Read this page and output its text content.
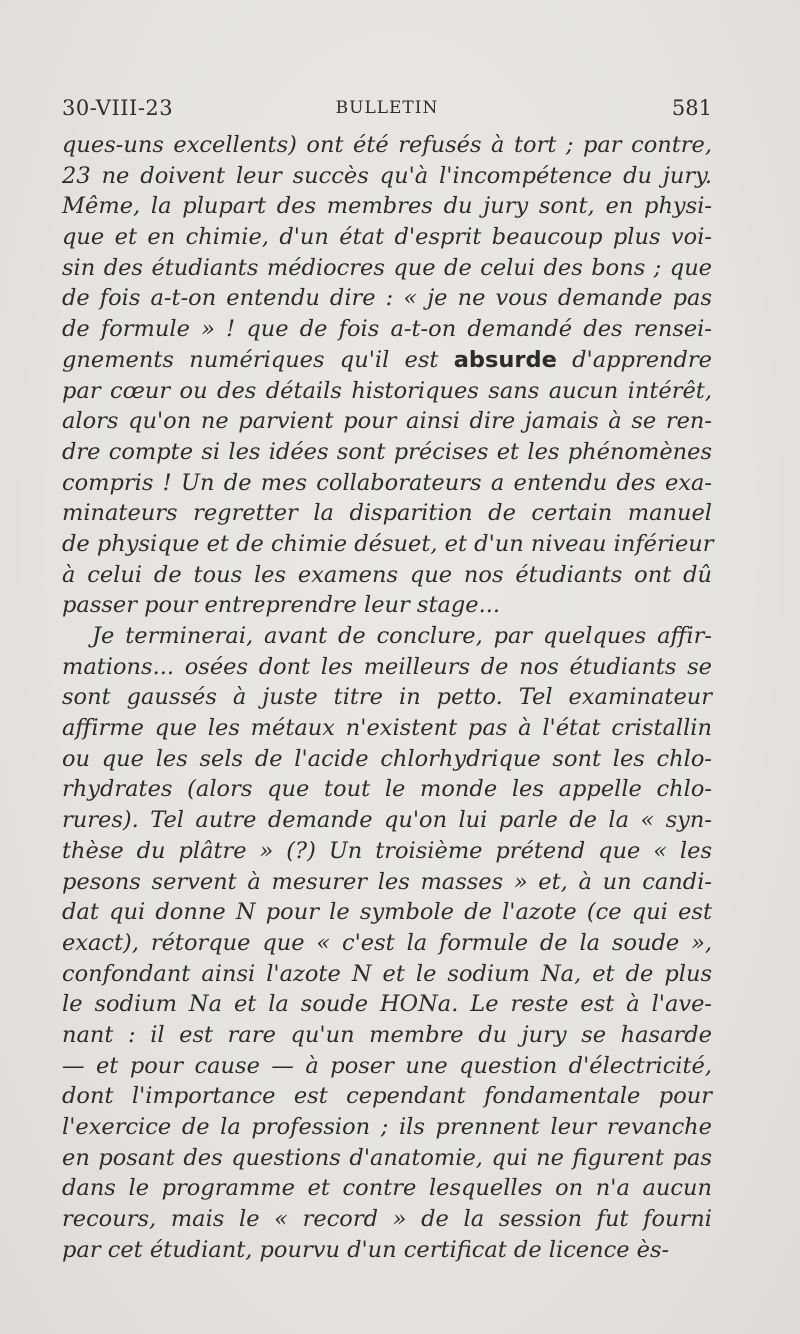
30-VIII-23	BULLETIN	581
ques-uns excellents) ont été refusés à tort ; par contre,
23 ne doivent leur succès qu'à l'incompétence du jury.
Même, la plupart des membres du jury sont, en physi-
que et en chimie, d'un état d'esprit beaucoup plus voi-
sin des étudiants médiocres que de celui des bons ; que
de fois a-t-on entendu dire : « je ne vous demande pas
de formule » ! que de fois a-t-on demandé des rensei-
gnements numériques qu'il est absurde d'apprendre
par cœur ou des détails historiques sans aucun intérêt,
alors qu'on ne parvient pour ainsi dire jamais à se ren-
dre compte si les idées sont précises et les phénomènes
compris ! Un de mes collaborateurs a entendu des exa-
minateurs regretter la disparition de certain manuel
de physique et de chimie désuet, et d'un niveau inférieur
à celui de tous les examens que nos étudiants ont dû
passer pour entreprendre leur stage...
Je terminerai, avant de conclure, par quelques affir-
mations... osées dont les meilleurs de nos étudiants se
sont gaussés à juste titre in petto. Tel examinateur
affirme que les métaux n'existent pas à l'état cristallin
ou que les sels de l'acide chlorhydrique sont les chlo-
rhydrates (alors que tout le monde les appelle chlo-
rures). Tel autre demande qu'on lui parle de la « syn-
thèse du plâtre » (?) Un troisième prétend que « les
pesons servent à mesurer les masses » et, à un candi-
dat qui donne N pour le symbole de l'azote (ce qui est
exact), rétorque que « c'est la formule de la soude »,
confondant ainsi l'azote N et le sodium Na, et de plus
le sodium Na et la soude HONa. Le reste est à l'ave-
nant : il est rare qu'un membre du jury se hasarde
— et pour cause — à poser une question d'électricité,
dont l'importance est cependant fondamentale pour
l'exercice de la profession ; ils prennent leur revanche
en posant des questions d'anatomie, qui ne figurent pas
dans le programme et contre lesquelles on n'a aucun
recours, mais le « record » de la session fut fourni
par cet étudiant, pourvu d'un certificat de licence ès-
